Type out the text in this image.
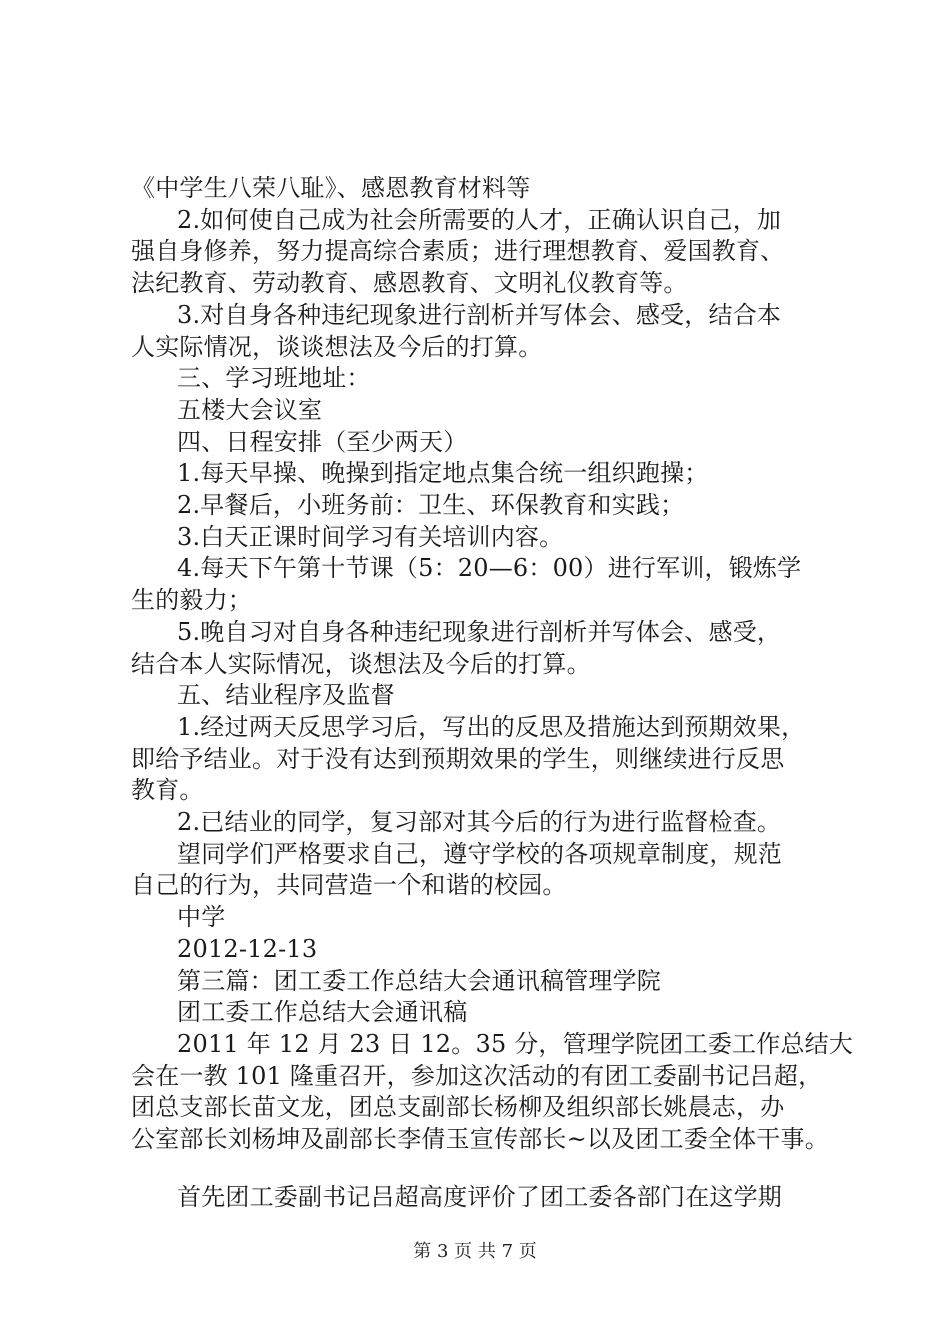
《中学生八荣八耻》、感恩教育材料等
2.如何使自己成为社会所需要的人才，正确认识自己，加
强自身修养，努力提高综合素质；进行理想教育、爱国教育、
法纪教育、劳动教育、感恩教育、文明礼仪教育等。
3.对自身各种违纪现象进行剖析并写体会、感受，结合本
人实际情况，谈谈想法及今后的打算。
三、学习班地址：
五楼大会议室
四、日程安排（至少两天）
1.每天早操、晚操到指定地点集合统一组织跑操；
2.早餐后，小班务前：卫生、环保教育和实践；
3.白天正课时间学习有关培训内容。
4.每天下午第十节课（5：20—6：00）进行军训，锻炼学
生的毅力；
5.晚自习对自身各种违纪现象进行剖析并写体会、感受，
结合本人实际情况，谈想法及今后的打算。
五、结业程序及监督
1.经过两天反思学习后，写出的反思及措施达到预期效果，
即给予结业。对于没有达到预期效果的学生，则继续进行反思
教育。
2.已结业的同学，复习部对其今后的行为进行监督检查。
望同学们严格要求自己，遵守学校的各项规章制度，规范
自己的行为，共同营造一个和谐的校园。
中学
2012-12-13
第三篇：团工委工作总结大会通讯稿管理学院
团工委工作总结大会通讯稿
2011 年 12 月 23 日 12。35 分，管理学院团工委工作总结大
会在一教 101 隆重召开，参加这次活动的有团工委副书记吕超，
团总支部长苗文龙，团总支副部长杨柳及组织部长姚晨志，办
公室部长刘杨坤及副部长李倩玉宣传部长~以及团工委全体干事。
首先团工委副书记吕超高度评价了团工委各部门在这学期
第 3 页 共 7 页
